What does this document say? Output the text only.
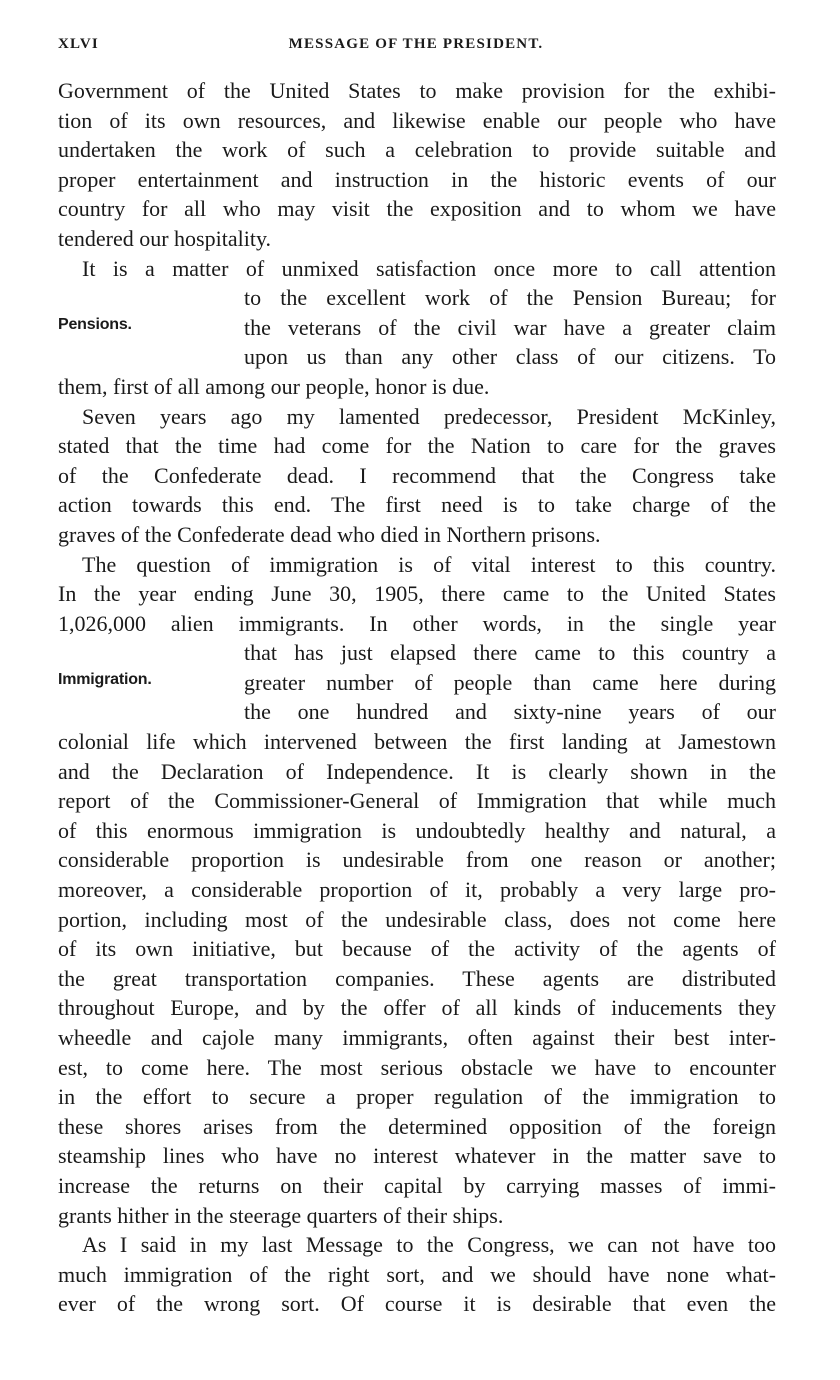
XLVI	MESSAGE OF THE PRESIDENT.
Pensions.
Immigration.
Government of the United States to make provision for the exhibi-
tion of its own resources, and likewise enable our people who have
undertaken the work of such a celebration to provide suitable and
proper entertainment and instruction in the historic events of our
country for all who may visit the exposition and to whom we have
tendered our hospitality.
It is a matter of unmixed satisfaction once more to call attention
to the excellent work of the Pension Bureau; for
the veterans of the civil war have a greater claim
upon us than any other class of our citizens. To
them, first of all among our people, honor is due.
Seven years ago my lamented predecessor, President McKinley,
stated that the time had come for the Nation to care for the graves
of the Confederate dead. I recommend that the Congress take
action towards this end. The first need is to take charge of the
graves of the Confederate dead who died in Northern prisons.
The question of immigration is of vital interest to this country.
In the year ending June 30, 1905, there came to the United States
1,026,000 alien immigrants. In other words, in the single year
that has just elapsed there came to this country a
greater number of people than came here during
the one hundred and sixty-nine years of our
colonial life which intervened between the first landing at Jamestown
and the Declaration of Independence. It is clearly shown in the
report of the Commissioner-General of Immigration that while much
of this enormous immigration is undoubtedly healthy and natural, a
considerable proportion is undesirable from one reason or another;
moreover, a considerable proportion of it, probably a very large pro-
portion, including most of the undesirable class, does not come here
of its own initiative, but because of the activity of the agents of
the great transportation companies. These agents are distributed
throughout Europe, and by the offer of all kinds of inducements they
wheedle and cajole many immigrants, often against their best inter-
est, to come here. The most serious obstacle we have to encounter
in the effort to secure a proper regulation of the immigration to
these shores arises from the determined opposition of the foreign
steamship lines who have no interest whatever in the matter save to
increase the returns on their capital by carrying masses of immi-
grants hither in the steerage quarters of their ships.
As I said in my last Message to the Congress, we can not have too
much immigration of the right sort, and we should have none what-
ever of the wrong sort. Of course it is desirable that even the
